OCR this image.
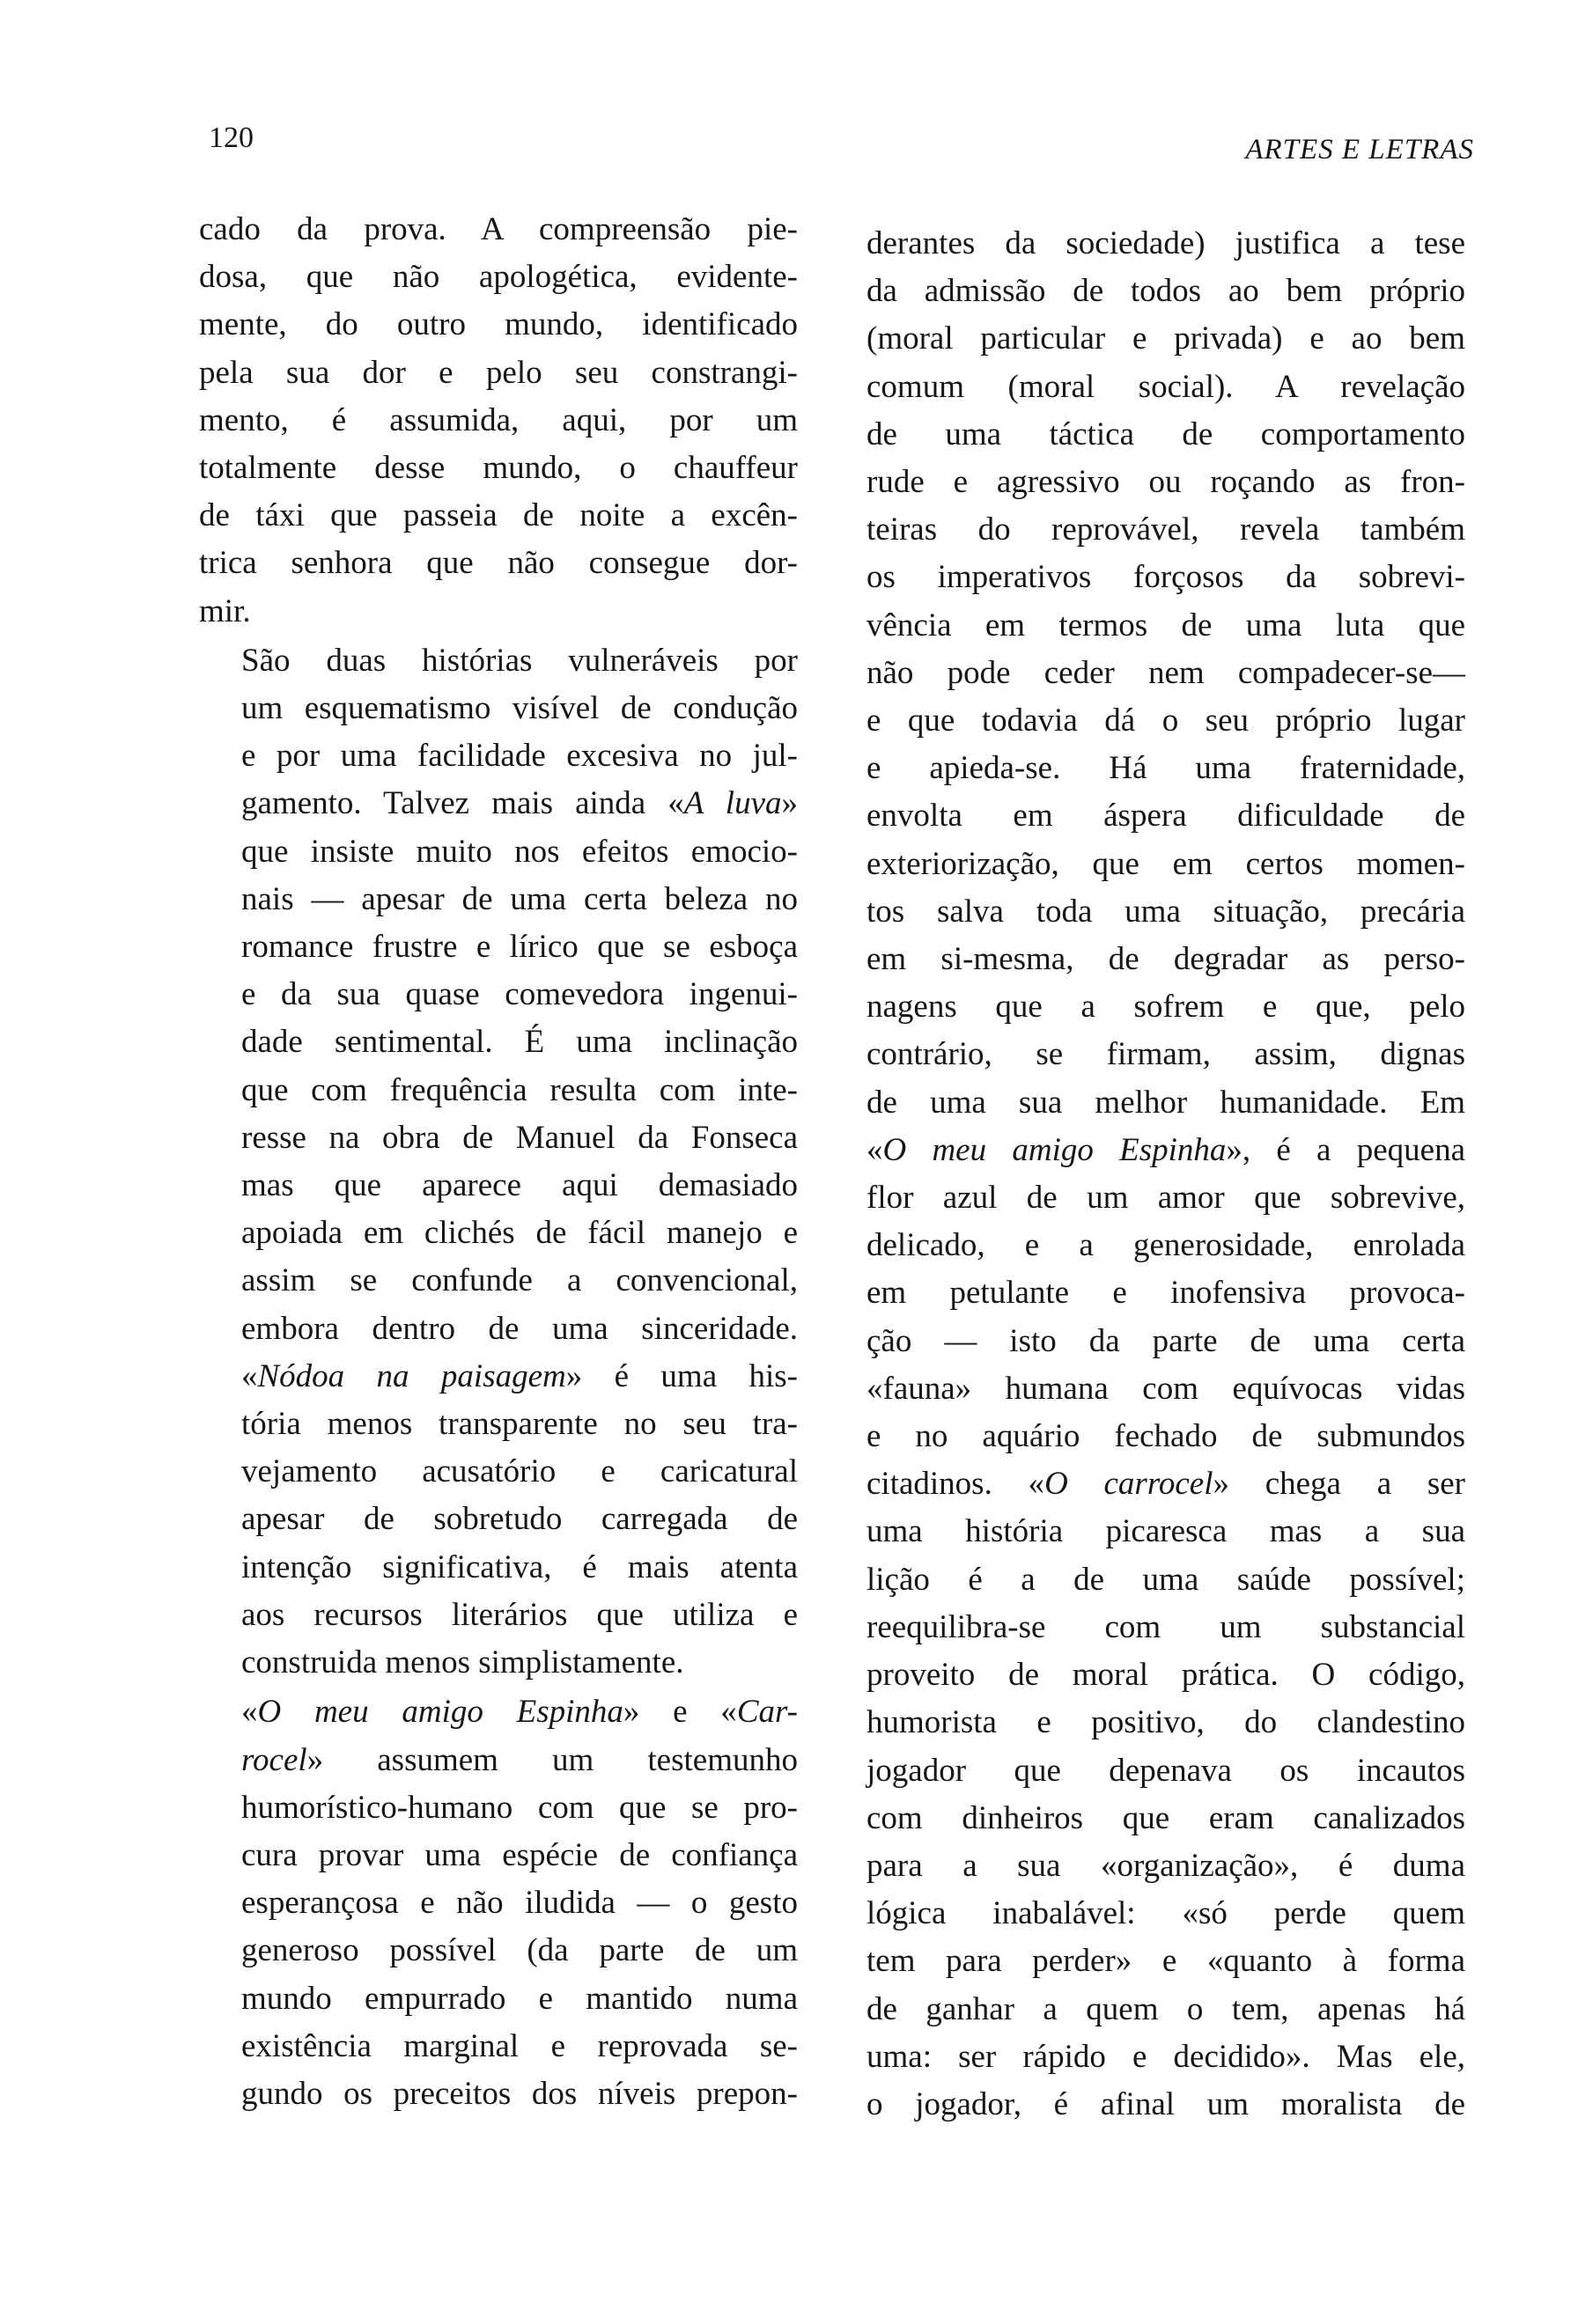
120	ARTES E LETRAS

cado da prova. A compreensão pie-
dosa, que não apologética, evidente-
mente, do outro mundo, identificado
pela sua dor e pelo seu constrangi-
mento, é assumida, aqui, por um
totalmente desse mundo, o chauffeur
de táxi que passeia de noite a excên-
trica senhora que não consegue dor-
mir.

São duas histórias vulneráveis por
um esquematismo visível de condução
e por uma facilidade excesiva no jul-
gamento. Talvez mais ainda «A luva»
que insiste muito nos efeitos emocio-
nais — apesar de uma certa beleza no
romance frustre e lírico que se esboça
e da sua quase comevedora ingenui-
dade sentimental. É uma inclinação
que com frequência resulta com inte-
resse na obra de Manuel da Fonseca
mas que aparece aqui demasiado
apoiada em clichés de fácil manejo e
assim se confunde a convencional,
embora dentro de uma sinceridade.
«Nódoa na paisagem» é uma his-
tória menos transparente no seu tra-
vejamento acusatório e caricatural
apesar de sobretudo carregada de
intenção significativa, é mais atenta
aos recursos literários que utiliza e
construida menos simplistamente.

«O meu amigo Espinha» e «Car-
rocel» assumem um testemunho
humorístico-humano com que se pro-
cura provar uma espécie de confiança
esperançosa e não iludida — o gesto
generoso possível (da parte de um
mundo empurrado e mantido numa
existência marginal e reprovada se-
gundo os preceitos dos níveis prepon-

derantes da sociedade) justifica a tese
da admissão de todos ao bem próprio
(moral particular e privada) e ao bem
comum (moral social). A revelação
de uma táctica de comportamento
rude e agressivo ou roçando as fron-
teiras do reprovável, revela também
os imperativos forçosos da sobrevi-
vência em termos de uma luta que
não pode ceder nem compadecer-se—
e que todavia dá o seu próprio lugar
e apieda-se. Há uma fraternidade,
envolta em áspera dificuldade de
exteriorização, que em certos momen-
tos salva toda uma situação, precária
em si-mesma, de degradar as perso-
nagens que a sofrem e que, pelo
contrário, se firmam, assim, dignas
de uma sua melhor humanidade. Em
«O meu amigo Espinha», é a pequena
flor azul de um amor que sobrevive,
delicado, e a generosidade, enrolada
em petulante e inofensiva provoca-
ção — isto da parte de uma certa
«fauna» humana com equívocas vidas
e no aquário fechado de submundos
citadinos. «O carrocel» chega a ser
uma história picaresca mas a sua
lição é a de uma saúde possível;
reequilibra-se com um substancial
proveito de moral prática. O código,
humorista e positivo, do clandestino
jogador que depenava os incautos
com dinheiros que eram canalizados
para a sua «organização», é duma
lógica inabalável: «só perde quem
tem para perder» e «quanto à forma
de ganhar a quem o tem, apenas há
uma: ser rápido e decidido». Mas ele,
o jogador, é afinal um moralista de
